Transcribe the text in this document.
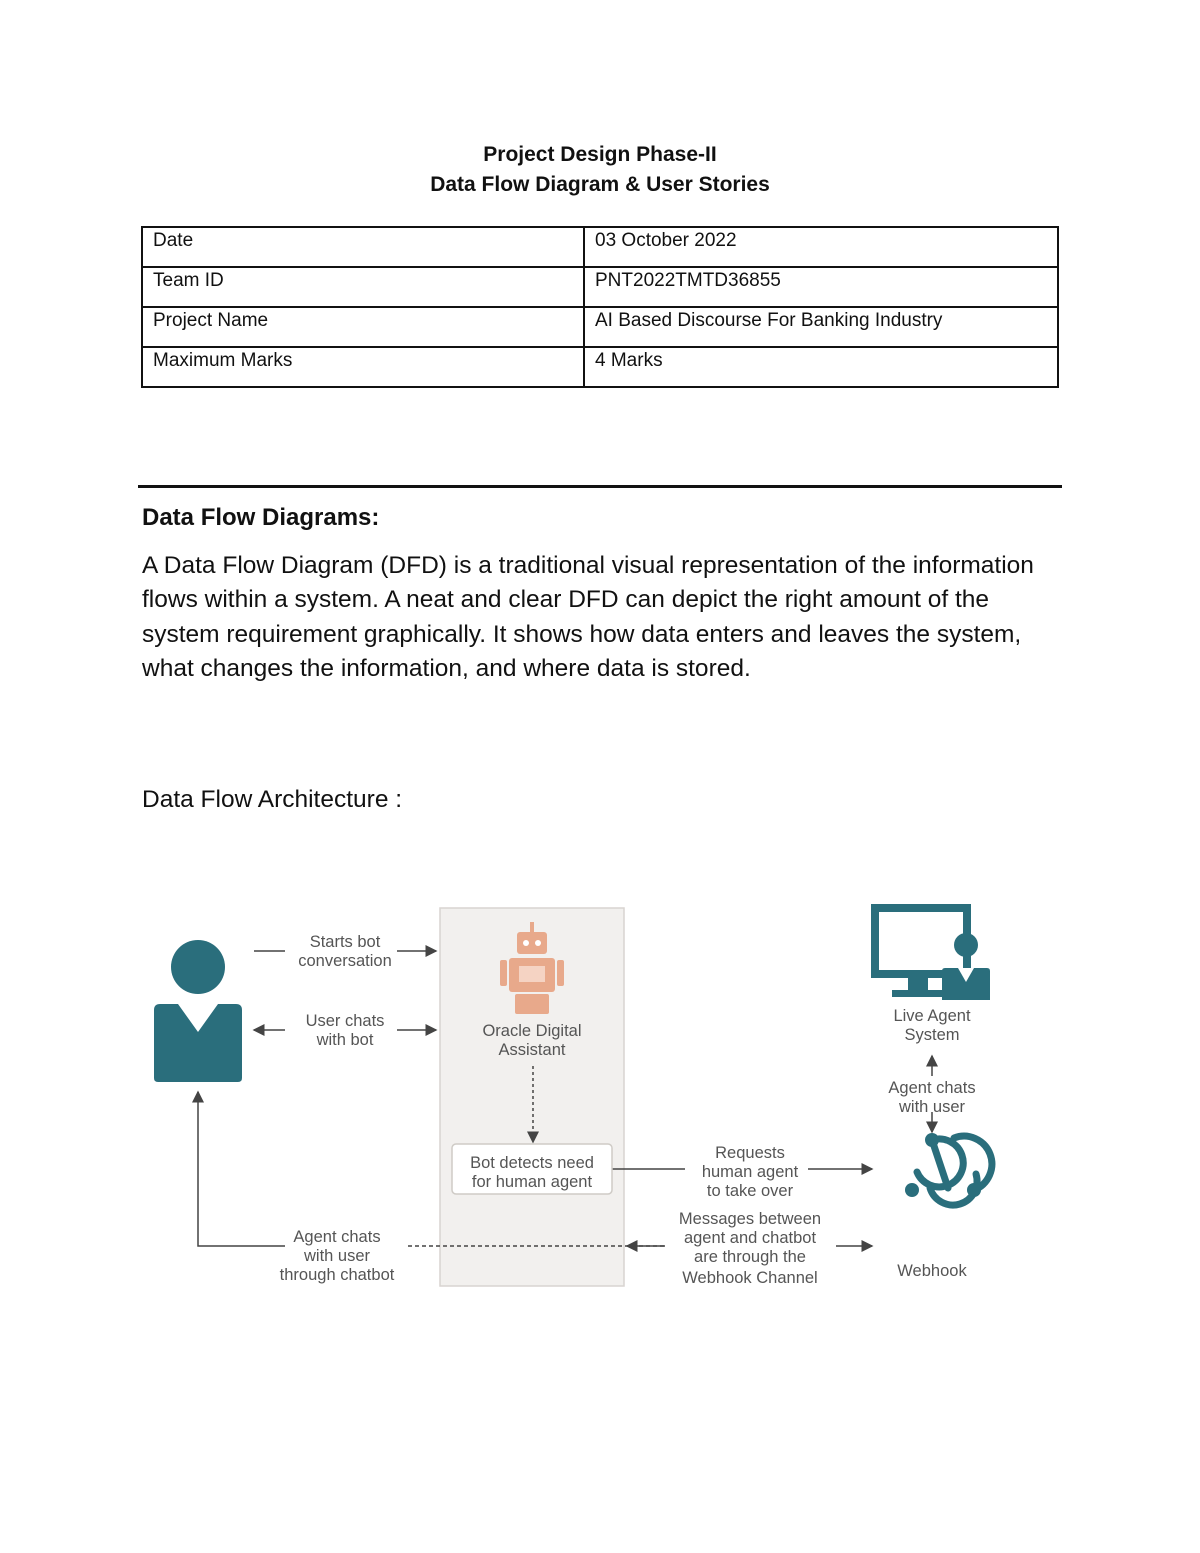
Project Design Phase-II
Data Flow Diagram & User Stories
Date	03 October 2022
Team ID	PNT2022TMTD36855
Project Name	AI Based Discourse For Banking Industry
Maximum Marks	4 Marks
Data Flow Diagrams:
A Data Flow Diagram (DFD) is a traditional visual representation of the information flows within a system. A neat and clear DFD can depict the right amount of the system requirement graphically. It shows how data enters and leaves the system, what changes the information, and where data is stored.
Data Flow Architecture :
Starts bot
conversation
User chats
with bot	Oracle Digital
Assistant
Bot detects need
for human agent
Requests
human agent
to take over
Messages between
agent and chatbot
are through the
Webhook Channel
Agent chats
with user
through chatbot
Live Agent
System
Agent chats
with user
Webhook
